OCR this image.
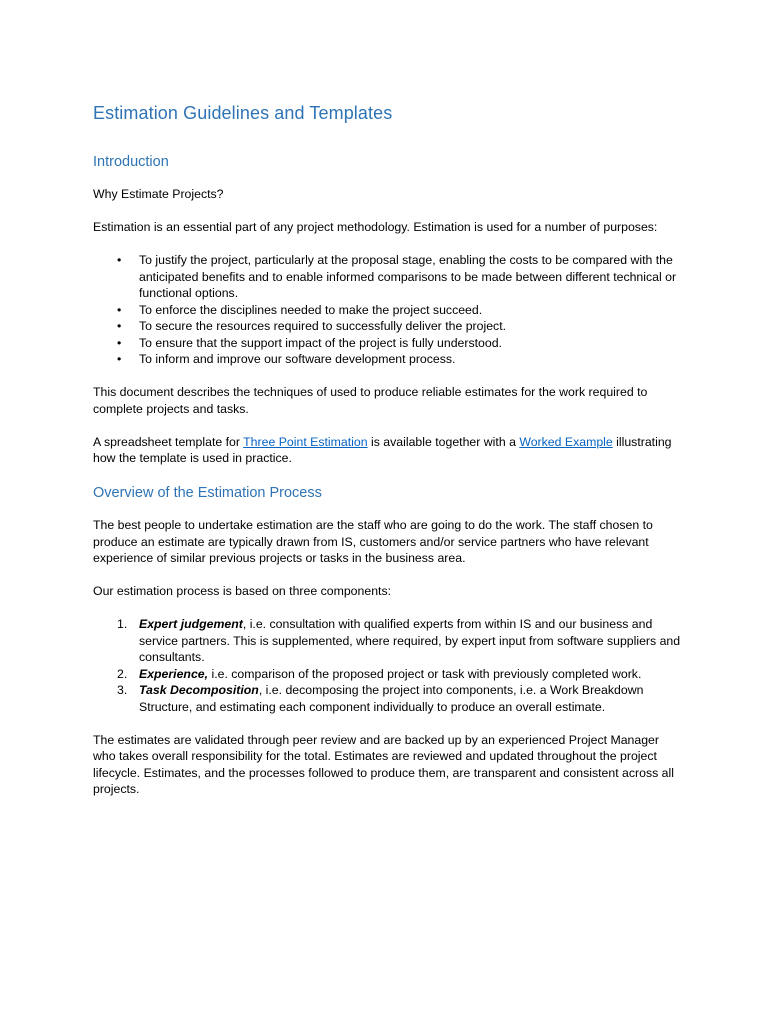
Estimation Guidelines and Templates
Introduction

Why Estimate Projects?

Estimation is an essential part of any project methodology. Estimation is used for a number of purposes:

• To justify the project, particularly at the proposal stage, enabling the costs to be compared with the anticipated benefits and to enable informed comparisons to be made between different technical or functional options.
• To enforce the disciplines needed to make the project succeed.
• To secure the resources required to successfully deliver the project.
• To ensure that the support impact of the project is fully understood.
• To inform and improve our software development process.

This document describes the techniques of used to produce reliable estimates for the work required to complete projects and tasks.

A spreadsheet template for Three Point Estimation is available together with a Worked Example illustrating how the template is used in practice.

Overview of the Estimation Process

The best people to undertake estimation are the staff who are going to do the work. The staff chosen to produce an estimate are typically drawn from IS, customers and/or service partners who have relevant experience of similar previous projects or tasks in the business area.

Our estimation process is based on three components:

1. Expert judgement, i.e. consultation with qualified experts from within IS and our business and service partners. This is supplemented, where required, by expert input from software suppliers and consultants.
2. Experience, i.e. comparison of the proposed project or task with previously completed work.
3. Task Decomposition, i.e. decomposing the project into components, i.e. a Work Breakdown Structure, and estimating each component individually to produce an overall estimate.

The estimates are validated through peer review and are backed up by an experienced Project Manager who takes overall responsibility for the total. Estimates are reviewed and updated throughout the project lifecycle. Estimates, and the processes followed to produce them, are transparent and consistent across all projects.
